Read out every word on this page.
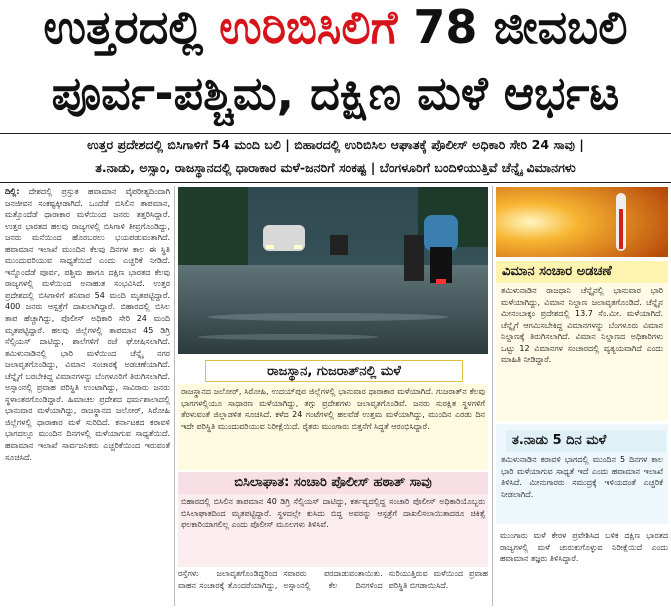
ಉತ್ತರದಲ್ಲಿ ಉರಿಬಿಸಿಲಿಗೆ 78 ಜೀವಬಲಿ
ಪೂರ್ವ-ಪಶ್ಚಿಮ, ದಕ್ಷಿಣ ಮಳೆ ಆರ್ಭಟ
ಉತ್ತರ ಪ್ರದೇಶದಲ್ಲಿ ಬಿಸಿಗಾಳಿಗೆ 54 ಮಂದಿ ಬಲಿ | ಬಿಹಾರದಲ್ಲಿ ಉರಿಬಿಸಿಲ ಆಘಾತಕ್ಕೆ ಪೊಲೀಸ್ ಅಧಿಕಾರಿ ಸೇರಿ 24 ಸಾವು |
ತ.ನಾಡು, ಅಸ್ಸಾಂ, ರಾಜಸ್ಥಾನದಲ್ಲಿ ಧಾರಾಕಾರ ಮಳೆ-ಜನರಿಗೆ ಸಂಕಷ್ಟ | ಬೆಂಗಳೂರಿಗೆ ಬಂದಿಳಿಯುತ್ತಿವೆ ಚೆನ್ನೈ ವಿಮಾನಗಳು

ದಿಲ್ಲಿ: ದೇಶದಲ್ಲಿ ಪ್ರಸ್ತುತ ಹವಾಮಾನ ವೈಪರೀತ್ಯದಿಂದಾಗಿ ಜನಜೀವನ ಸಂಕಷ್ಟಕ್ಕೀಡಾಗಿದೆ. ಒಂದೆಡೆ ಬಿಸಿಲಿನ ತಾಪಮಾನ, ಮತ್ತೊಂದೆಡೆ ಧಾರಾಕಾರ ಮಳೆಯಿಂದ ಜನರು ತತ್ತರಿಸಿದ್ದಾರೆ. ಉತ್ತರ ಭಾರತದ ಹಲವು ರಾಜ್ಯಗಳಲ್ಲಿ ಬಿಸಿಗಾಳಿ ತೀವ್ರಗೊಂಡಿದ್ದು, ಜನರು ಮನೆಯಿಂದ ಹೊರಬರಲು ಭಯಪಡುವಂತಾಗಿದೆ. ಹವಾಮಾನ ಇಲಾಖೆ ಮುಂದಿನ ಕೆಲವು ದಿನಗಳ ಕಾಲ ಈ ಸ್ಥಿತಿ ಮುಂದುವರಿಯುವ ಸಾಧ್ಯತೆಯಿದೆ ಎಂದು ಎಚ್ಚರಿಕೆ ನೀಡಿದೆ. ಇನ್ನೊಂದೆಡೆ ಪೂರ್ವ, ಪಶ್ಚಿಮ ಹಾಗೂ ದಕ್ಷಿಣ ಭಾರತದ ಕೆಲವು ರಾಜ್ಯಗಳಲ್ಲಿ ಮಳೆಯಿಂದ ಅನಾಹುತ ಸಂಭವಿಸಿದೆ. ಉತ್ತರ ಪ್ರದೇಶದಲ್ಲಿ ಬಿಸಿಗಾಳಿಗೆ ಶನಿವಾರ 54 ಮಂದಿ ಮೃತಪಟ್ಟಿದ್ದಾರೆ. 400 ಜನರು ಆಸ್ಪತ್ರೆಗೆ ದಾಖಲಾಗಿದ್ದಾರೆ. ಬಿಹಾರದಲ್ಲಿ ಬಿಸಿಲ ತಾಪ ಹೆಚ್ಚಾಗಿದ್ದು, ಪೊಲೀಸ್ ಅಧಿಕಾರಿ ಸೇರಿ 24 ಮಂದಿ ಮೃತಪಟ್ಟಿದ್ದಾರೆ. ಹಲವು ಜಿಲ್ಲೆಗಳಲ್ಲಿ ತಾಪಮಾನ 45 ಡಿಗ್ರಿ ಸೆಲ್ಸಿಯಸ್ ದಾಟಿದ್ದು, ಶಾಲೆಗಳಿಗೆ ರಜೆ ಘೋಷಿಸಲಾಗಿದೆ. ತಮಿಳುನಾಡಿನಲ್ಲಿ ಭಾರಿ ಮಳೆಯಿಂದ ಚೆನ್ನೈ ನಗರ ಜಲಾವೃತಗೊಂಡಿದ್ದು, ವಿಮಾನ ಸಂಚಾರಕ್ಕೆ ಅಡಚಣೆಯಾಗಿದೆ. ಚೆನ್ನೈಗೆ ಬರಬೇಕಿದ್ದ ವಿಮಾನಗಳನ್ನು ಬೆಂಗಳೂರಿಗೆ ತಿರುಗಿಸಲಾಗಿದೆ. ಅಸ್ಸಾಂನಲ್ಲಿ ಪ್ರವಾಹ ಪರಿಸ್ಥಿತಿ ಉಂಟಾಗಿದ್ದು, ಸಾವಿರಾರು ಜನರು ಸ್ಥಳಾಂತರಗೊಂಡಿದ್ದಾರೆ. ಹಿಮಾಚಲ ಪ್ರದೇಶದ ಧರ್ಮಶಾಲಾದಲ್ಲಿ ಭಾನುವಾರ ಮಳೆಯಾಗಿದ್ದು, ರಾಜಸ್ಥಾನದ ಜಲೋರ್, ಸಿರೋಹಿ ಜಿಲ್ಲೆಗಳಲ್ಲಿ ಧಾರಾಕಾರ ಮಳೆ ಸುರಿದಿದೆ. ಕರ್ನಾಟಕದ ಕರಾವಳಿ ಭಾಗದಲ್ಲೂ ಮುಂದಿನ ದಿನಗಳಲ್ಲಿ ಮಳೆಯಾಗುವ ಸಾಧ್ಯತೆಯಿದೆ. ಹವಾಮಾನ ಇಲಾಖೆ ಸಾರ್ವಜನಿಕರು ಎಚ್ಚರಿಕೆಯಿಂದ ಇರುವಂತೆ ಸೂಚಿಸಿದೆ.

ವಿಮಾನ ಸಂಚಾರ ಅಡಚಣೆ
ತಮಿಳುನಾಡಿನ ರಾಜಧಾನಿ ಚೆನ್ನೈನಲ್ಲಿ ಭಾನುವಾರ ಭಾರಿ ಮಳೆಯಾಗಿದ್ದು, ವಿಮಾನ ನಿಲ್ದಾಣ ಜಲಾವೃತಗೊಂಡಿದೆ. ಚೆನ್ನೈನ ಮೀನಂಬಾಕ್ಕಂ ಪ್ರದೇಶದಲ್ಲಿ 13.7 ಸೆಂ.ಮೀ. ಮಳೆಯಾಗಿದೆ. ಚೆನ್ನೈಗೆ ಆಗಮಿಸಬೇಕಿದ್ದ ವಿಮಾನಗಳನ್ನು ಬೆಂಗಳೂರು ವಿಮಾನ ನಿಲ್ದಾಣಕ್ಕೆ ತಿರುಗಿಸಲಾಗಿದೆ. ವಿಮಾನ ನಿಲ್ದಾಣದ ಅಧಿಕಾರಿಗಳು ಒಟ್ಟು 12 ವಿಮಾನಗಳ ಸಂಚಾರದಲ್ಲಿ ವ್ಯತ್ಯಯವಾಗಿದೆ ಎಂದು ಮಾಹಿತಿ ನೀಡಿದ್ದಾರೆ.
ರಾಜಸ್ಥಾನದ ಜಲೋರ್, ಸಿರೋಹಿ, ಉದಯ್‌ಪುರ ಜಿಲ್ಲೆಗಳಲ್ಲಿ ಭಾನುವಾರ ಧಾರಾಕಾರ ಮಳೆಯಾಗಿದೆ. ಗುಜರಾತ್‌ನ ಕೆಲವು ಭಾಗಗಳಲ್ಲಿಯೂ ಸಾಧಾರಣ ಮಳೆಯಾಗಿದ್ದು, ತಗ್ಗು ಪ್ರದೇಶಗಳು ಜಲಾವೃತಗೊಂಡಿವೆ. ಜನರು ಸುರಕ್ಷಿತ ಸ್ಥಳಗಳಿಗೆ ತೆರಳುವಂತೆ ಜಿಲ್ಲಾಡಳಿತ ಸೂಚಿಸಿದೆ. ಕಳೆದ 24 ಗಂಟೆಗಳಲ್ಲಿ ಹಲವೆಡೆ ಉತ್ತಮ ಮಳೆಯಾಗಿದ್ದು, ಮುಂದಿನ ಎರಡು ದಿನ ಇದೇ ಪರಿಸ್ಥಿತಿ ಮುಂದುವರಿಯುವ ನಿರೀಕ್ಷೆಯಿದೆ. ರೈತರು ಮುಂಗಾರು ಬಿತ್ತನೆಗೆ ಸಿದ್ಧತೆ ಆರಂಭಿಸಿದ್ದಾರೆ.
ರಾಜಸ್ಥಾನ, ಗುಜರಾತ್‌ನಲ್ಲಿ ಮಳೆ
ಬಿಸಿಲಾಘಾತ: ಸಂಚಾರಿ ಪೊಲೀಸ್ ಹಠಾತ್ ಸಾವು
ಬಿಹಾರದಲ್ಲಿ ಬಿಸಿಲಿನ ತಾಪಮಾನ 40 ಡಿಗ್ರಿ ಸೆಲ್ಸಿಯಸ್ ದಾಟಿದ್ದು, ಕರ್ತವ್ಯದಲ್ಲಿದ್ದ ಸಂಚಾರಿ ಪೊಲೀಸ್ ಅಧಿಕಾರಿಯೊಬ್ಬರು ಬಿಸಿಲಾಘಾತದಿಂದ ಮೃತಪಟ್ಟಿದ್ದಾರೆ. ಸ್ಥಳದಲ್ಲೇ ಕುಸಿದು ಬಿದ್ದ ಅವರನ್ನು ಆಸ್ಪತ್ರೆಗೆ ದಾಖಲಿಸಲಾಯಿತಾದರೂ ಚಿಕಿತ್ಸೆ ಫಲಕಾರಿಯಾಗಲಿಲ್ಲ ಎಂದು ಪೊಲೀಸ್ ಮೂಲಗಳು ತಿಳಿಸಿವೆ.
ರಸ್ತೆಗಳು ಜಲಾವೃತಗೊಂಡಿದ್ದರಿಂದ ವಾಹನ ಸಂಚಾರಕ್ಕೆ ತೊಂದರೆಯಾಗಿದ್ದು, ಸವಾರರು ಪರದಾಡುವಂತಾಯಿತು. ಅಸ್ಸಾಂನಲ್ಲಿ ಕೆಲ ದಿನಗಳಿಂದ ಸುರಿಯುತ್ತಿರುವ ಮಳೆಯಿಂದ ಪ್ರವಾಹ ಪರಿಸ್ಥಿತಿ ಬಿಗಡಾಯಿಸಿದೆ.
ತಮಿಳುನಾಡಿನ ಕರಾವಳಿ ಭಾಗದಲ್ಲಿ ಮುಂದಿನ 5 ದಿನಗಳ ಕಾಲ ಭಾರಿ ಮಳೆಯಾಗುವ ಸಾಧ್ಯತೆ ಇದೆ ಎಂದು ಹವಾಮಾನ ಇಲಾಖೆ ತಿಳಿಸಿದೆ. ಮೀನುಗಾರರು ಸಮುದ್ರಕ್ಕೆ ಇಳಿಯದಂತೆ ಎಚ್ಚರಿಕೆ ನೀಡಲಾಗಿದೆ.
ತ.ನಾಡು 5 ದಿನ ಮಳೆ
ಮುಂಗಾರು ಮಳೆ ಕೇರಳ ಪ್ರವೇಶಿಸಿದ ಬಳಿಕ ದಕ್ಷಿಣ ಭಾರತದ ರಾಜ್ಯಗಳಲ್ಲಿ ಮಳೆ ಚುರುಕುಗೊಳ್ಳುವ ನಿರೀಕ್ಷೆಯಿದೆ ಎಂದು ಹವಾಮಾನ ತಜ್ಞರು ತಿಳಿಸಿದ್ದಾರೆ.
